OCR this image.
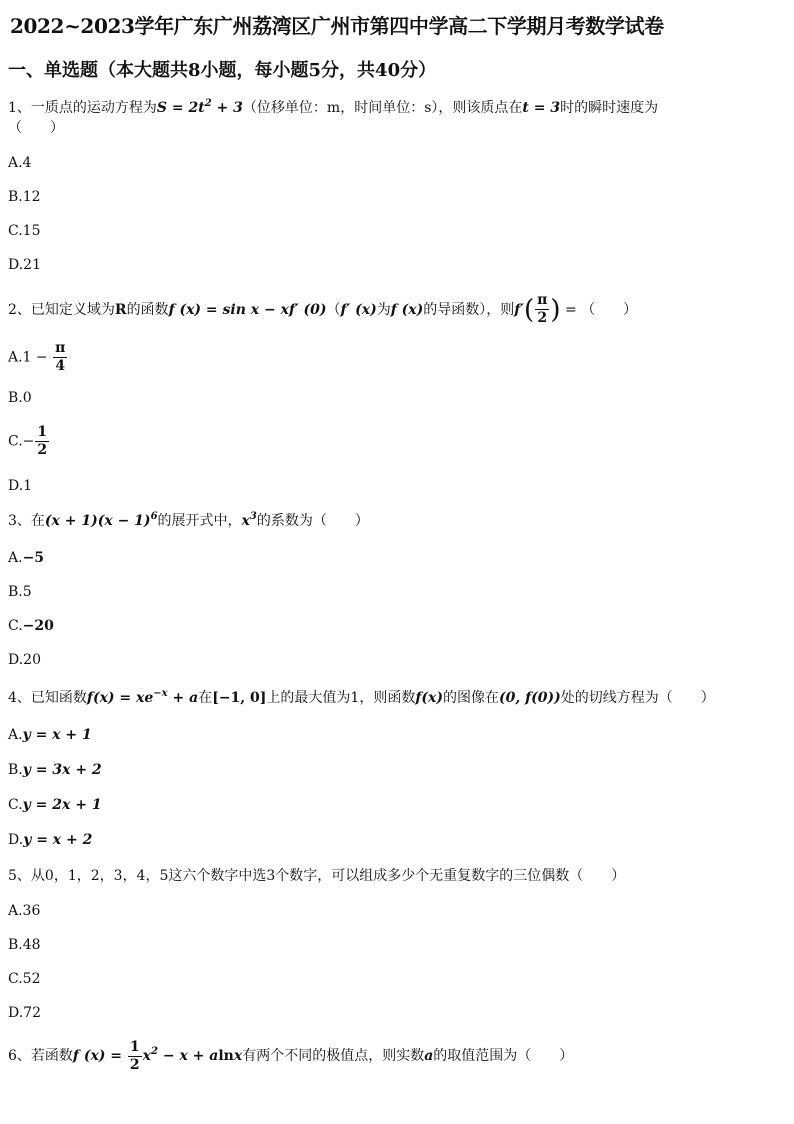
2022~2023学年广东广州荔湾区广州市第四中学高二下学期月考数学试卷
一、单选题（本大题共8小题，每小题5分，共40分）
1、一质点的运动方程为$S = 2t^2 + 3$（位移单位：m，时间单位：s），则该质点在t = 3时的瞬时速度为
（　　）
A.4
B.12
C.15
D.21
2、已知定义域为R的函数f (x) = sin x − xf′ (0)（f′ (x)为f (x)的导函数），则$f'( \frac{\pi}{2}$ ) = （　　）
$A.1 - \frac{\pi}{4}$
B.0
$C.- \frac{1}{2}$
D.1
3、在$(x + 1)(x - 1)^6$的展开式中，$x^3$的系数为（　　）
A.−5
B.5
C.−20
D.20
4、已知函数$f(x) = xe^{-x} + a$在[−1, 0]上的最大值为1，则函数f(x)的图像在(0, f(0))处的切线方程为（　　）
A.y = x + 1
B.y = 3x + 2
C.y = 2x + 1
D.y = x + 2
5、从0，1，2，3，4，5这六个数字中选3个数字，可以组成多少个无重复数字的三位偶数（　　）
A.36
B.48
C.52
D.72
6、若函数f $(x) = \frac{1}{2} x^2 - x + alnx$有两个不同的极值点，则实数a的取值范围为（　　）
